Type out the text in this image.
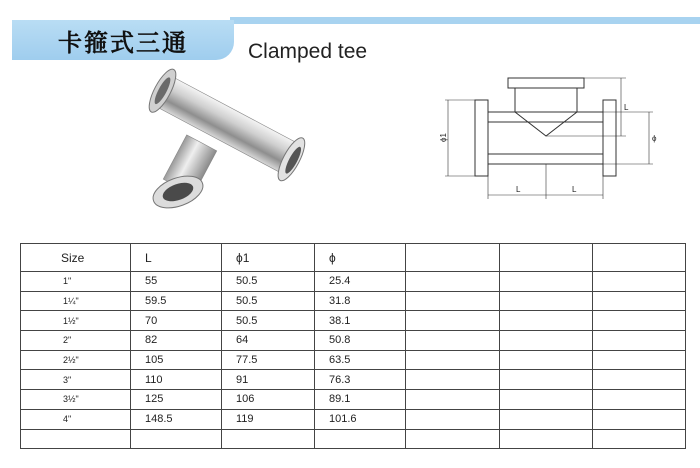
卡箍式三通	Clamped tee
ϕ1
L
ϕ
L	L
Size	L	ϕ1	ϕ			
1"	55	50.5	25.4			
1¼"	59.5	50.5	31.8			
1½"	70	50.5	38.1			
2"	82	64	50.8			
2½"	105	77.5	63.5			
3"	110	91	76.3			
3½"	125	106	89.1			
4"	148.5	119	101.6			
